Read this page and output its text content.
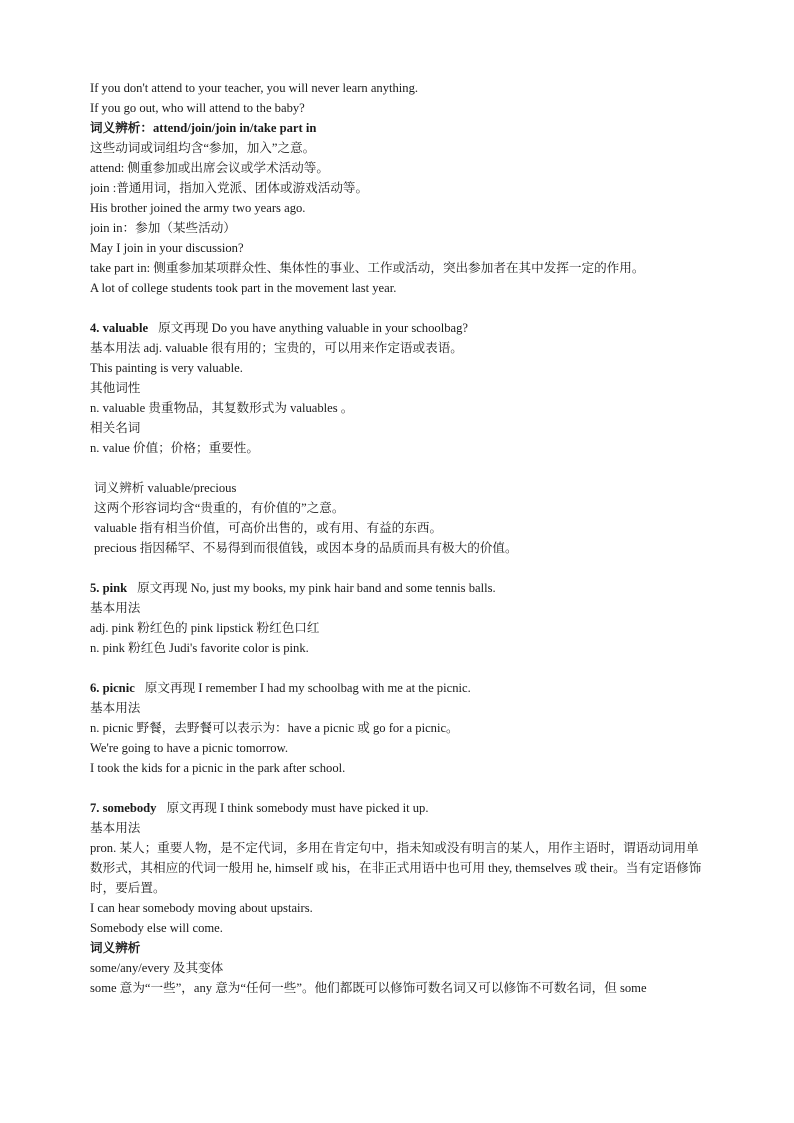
If you don't attend to your teacher, you will never learn anything.
If you go out, who will attend to the baby?
词义辨析：attend/join/join in/take part in
这些动词或词组均含“参加，加入”之意。
attend: 侧重参加或出席会议或学术活动等。
join :普通用词，指加入党派、团体或游戏活动等。
His brother joined the army two years ago.
join in：参加（某些活动）
May I join in your discussion?
take part in: 侧重参加某项群众性、集体性的事业、工作或活动，突出参加者在其中发挥一定的作用。
A lot of college students took part in the movement last year.
4. valuable 原文再现 Do you have anything valuable in your schoolbag?
基本用法 adj. valuable 很有用的；宝贵的，可以用来作定语或表语。
This painting is very valuable.
其他词性
n. valuable 贵重物品，其复数形式为 valuables 。
相关名词
n. value 价值；价格；重要性。
词义辨析 valuable/precious
这两个形容词均含“贵重的，有价值的”之意。
valuable 指有相当价值，可高价出售的，或有用、有益的东西。
precious 指因稀罕、不易得到而很值钱，或因本身的品质而具有极大的价值。
5. pink 原文再现 No, just my books, my pink hair band and some tennis balls.
基本用法
adj. pink 粉红色的 pink lipstick 粉红色口红
n. pink 粉红色 Judi's favorite color is pink.
6. picnic 原文再现 I remember I had my schoolbag with me at the picnic.
基本用法
n. picnic 野餐，去野餐可以表示为：have a picnic 或 go for a picnic。
We're going to have a picnic tomorrow.
I took the kids for a picnic in the park after school.
7. somebody 原文再现 I think somebody must have picked it up.
基本用法
pron. 某人；重要人物，是不定代词，多用在肯定句中，指未知或没有明言的某人，用作主语时，谓语动词用单数形式，其相应的代词一般用 he, himself 或 his，在非正式用语中也可用 they, themselves 或 their。当有定语修饰时，要后置。
I can hear somebody moving about upstairs.
Somebody else will come.
词义辨析
some/any/every 及其变体
some 意为“一些”，any 意为“任何一些”。他们都既可以修饰可数名词又可以修饰不可数名词，但 some
